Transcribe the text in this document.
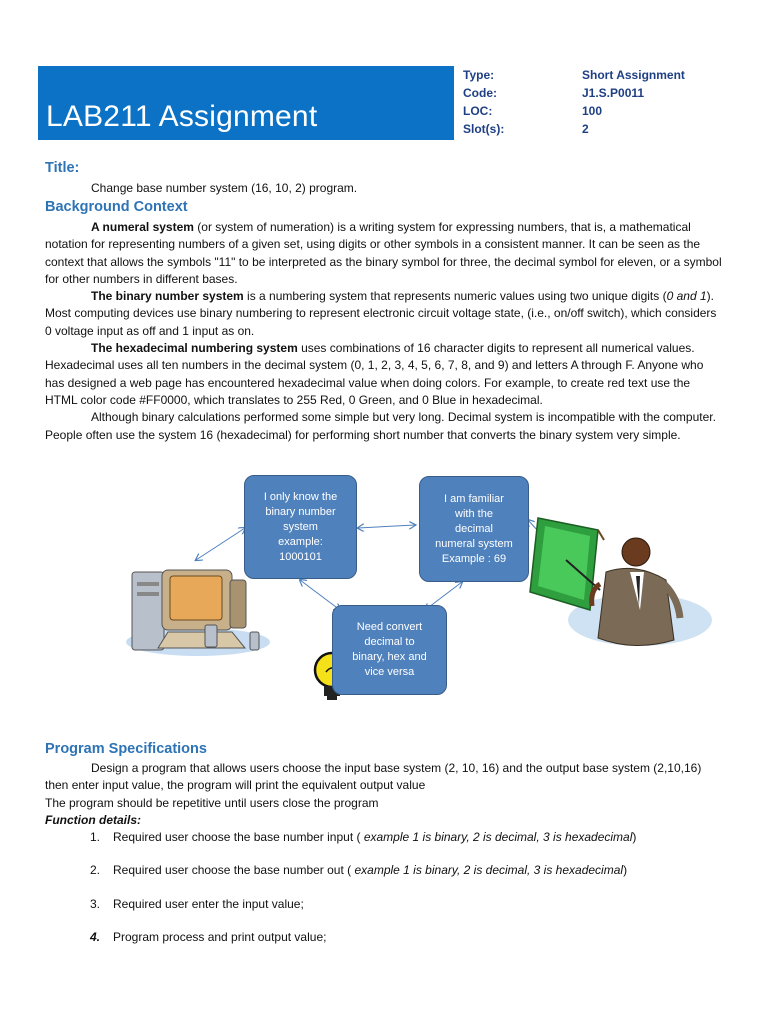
LAB211 Assignment
Type:	Short Assignment
Code:	J1.S.P0011
LOC:	100
Slot(s):	2
Title:
Change base number system (16, 10, 2) program.
Background Context
A numeral system (or system of numeration) is a writing system for expressing numbers, that is, a mathematical notation for representing numbers of a given set, using digits or other symbols in a consistent manner. It can be seen as the context that allows the symbols "11" to be interpreted as the binary symbol for three, the decimal symbol for eleven, or a symbol for other numbers in different bases.
The binary number system is a numbering system that represents numeric values using two unique digits (0 and 1). Most computing devices use binary numbering to represent electronic circuit voltage state, (i.e., on/off switch), which considers 0 voltage input as off and 1 input as on.
The hexadecimal numbering system uses combinations of 16 character digits to represent all numerical values. Hexadecimal uses all ten numbers in the decimal system (0, 1, 2, 3, 4, 5, 6, 7, 8, and 9) and letters A through F. Anyone who has designed a web page has encountered hexadecimal value when doing colors. For example, to create red text use the HTML color code #FF0000, which translates to 255 Red, 0 Green, and 0 Blue in hexadecimal.
Although binary calculations performed some simple but very long. Decimal system is incompatible with the computer. People often use the system 16 (hexadecimal) for performing short number that converts the binary system very simple.
I only know the
binary number
system
example:
1000101
I am familiar
with the
decimal
numeral system
Example : 69
Need convert
decimal to
binary, hex and
vice versa
Program Specifications
Design a program that allows users choose the input base system (2, 10, 16) and the output base system (2,10,16) then enter input value, the program will print the equivalent output value
The program should be repetitive until users close the program
Function details:
1. Required user choose the base number input ( example 1 is binary, 2 is decimal, 3 is hexadecimal)
2. Required user choose the base number out ( example 1 is binary, 2 is decimal, 3 is hexadecimal)
3. Required user enter the input value;
4. Program process and print output value;
